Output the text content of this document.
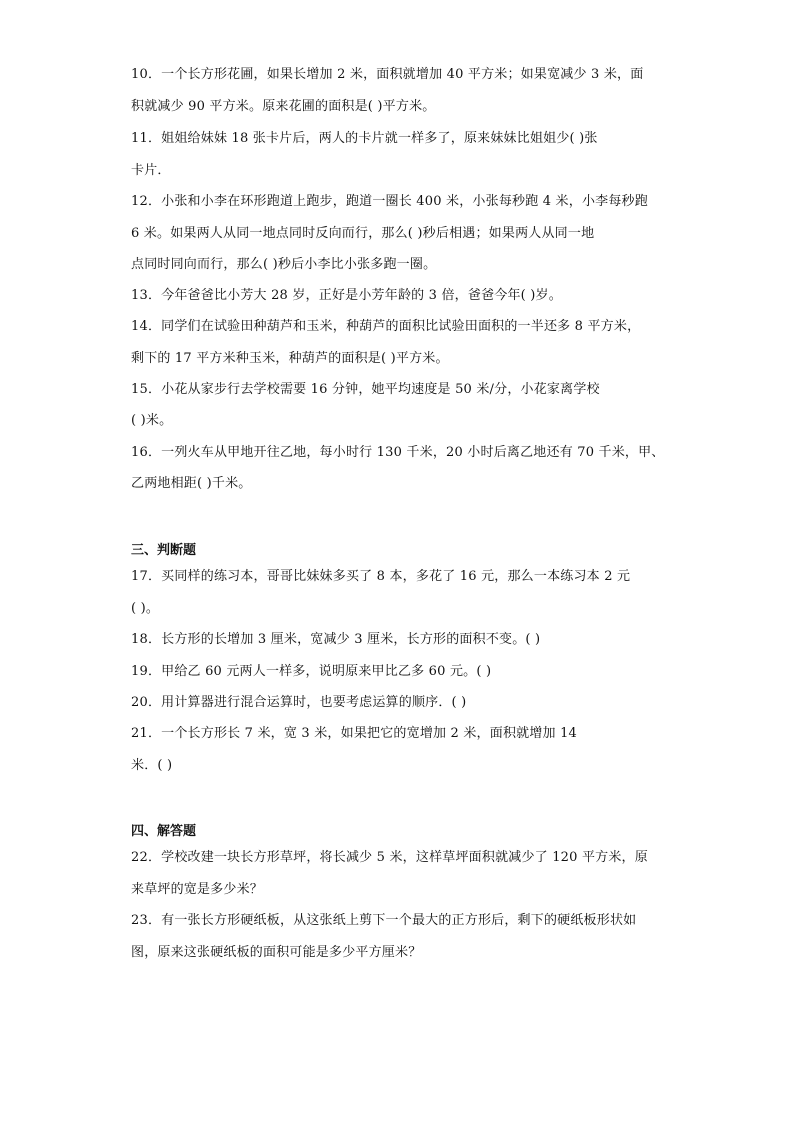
10．一个长方形花圃，如果长增加 2 米，面积就增加 40 平方米；如果宽减少 3 米，面
积就减少 90 平方米。原来花圃的面积是( )平方米。
11．姐姐给妹妹 18 张卡片后，两人的卡片就一样多了，原来妹妹比姐姐少( )张
卡片．
12．小张和小李在环形跑道上跑步，跑道一圈长 400 米，小张每秒跑 4 米，小李每秒跑
6 米。如果两人从同一地点同时反向而行，那么( )秒后相遇；如果两人从同一地
点同时同向而行，那么( )秒后小李比小张多跑一圈。
13．今年爸爸比小芳大 28 岁，正好是小芳年龄的 3 倍，爸爸今年( )岁。
14．同学们在试验田种葫芦和玉米，种葫芦的面积比试验田面积的一半还多 8 平方米，
剩下的 17 平方米种玉米，种葫芦的面积是( )平方米。
15．小花从家步行去学校需要 16 分钟，她平均速度是 50 米/分，小花家离学校
( )米。
16．一列火车从甲地开往乙地，每小时行 130 千米，20 小时后离乙地还有 70 千米，甲、
乙两地相距( )千米。
三、判断题
17．买同样的练习本，哥哥比妹妹多买了 8 本，多花了 16 元，那么一本练习本 2 元
( )。
18．长方形的长增加 3 厘米，宽减少 3 厘米，长方形的面积不变。( )
19．甲给乙 60 元两人一样多，说明原来甲比乙多 60 元。( )
20．用计算器进行混合运算时，也要考虑运算的顺序．( )
21．一个长方形长 7 米，宽 3 米，如果把它的宽增加 2 米，面积就增加 14
米．( )
四、解答题
22．学校改建一块长方形草坪，将长减少 5 米，这样草坪面积就减少了 120 平方米，原
来草坪的宽是多少米？
23．有一张长方形硬纸板，从这张纸上剪下一个最大的正方形后，剩下的硬纸板形状如
图，原来这张硬纸板的面积可能是多少平方厘米？
